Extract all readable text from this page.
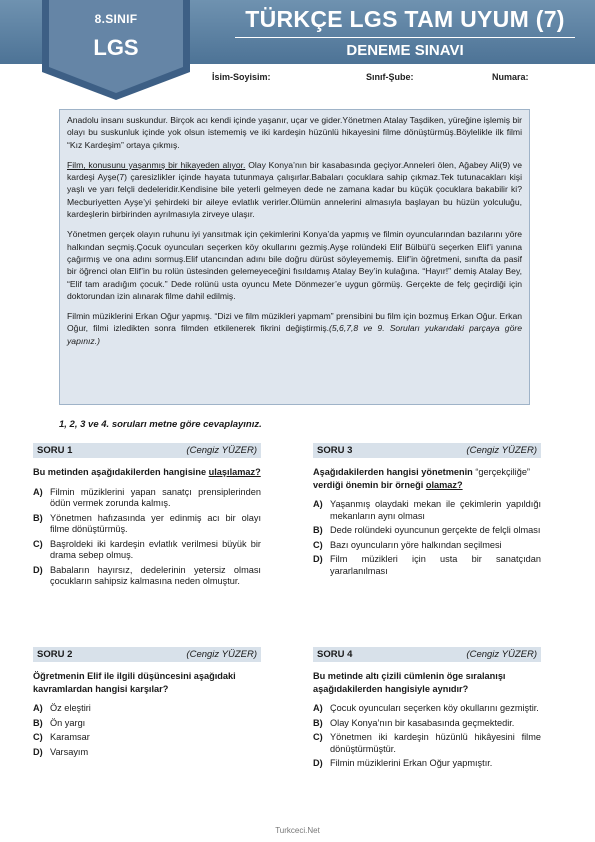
8.SINIF
LGS
TÜRKÇE LGS TAM UYUM (7)
DENEME SINAVI
İsim-Soyisim:	Sınıf-Şube:	Numara:

Anadolu insanı suskundur. Birçok acı kendi içinde yaşanır, uçar ve gider.Yönetmen Atalay Taşdiken, yüreğine işlemiş bir olayı bu suskunluk içinde yok olsun istememiş ve iki kardeşin hüzünlü hikayesini filme dönüştürmüş.Böylelikle ilk filmi “Kız Kardeşim” ortaya çıkmış.

Film, konusunu yaşanmış bir hikayeden alıyor. Olay Konya’nın bir kasabasında geçiyor.Anneleri ölen, Ağabey Ali(9) ve kardeşi Ayşe(7) çaresizlikler içinde hayata tutunmaya çalışırlar.Babaları çocuklara sahip çıkmaz.Tek tutunacakları kişi yaşlı ve yarı felçli dedeleridir.Kendisine bile yeterli gelmeyen dede ne zamana kadar bu küçük çocuklara bakabilir ki?Mecburiyetten Ayşe’yi şehirdeki bir aileye evlatlık verirler.Ölümün annelerini almasıyla başlayan bu hüzün yolculuğu, kardeşlerin birbirinden ayrılmasıyla zirveye ulaşır.

Yönetmen gerçek olayın ruhunu iyi yansıtmak için çekimlerini Konya’da yapmış ve filmin oyuncularından bazılarını yöre halkından seçmiş.Çocuk oyuncuları seçerken köy okullarını gezmiş.Ayşe rolündeki Elif Bülbül’ü seçerken Elif’i yanına çağırmış ve ona adını sormuş.Elif utancından adını bile doğru dürüst söyleyememiş. Elif’in öğretmeni, sınıfta da pasif bir öğrenci olan Elif’in bu rolün üstesinden gelemeyeceğini fısıldamış Atalay Bey’in kulağına. “Hayır!” demiş Atalay Bey, “Elif tam aradığım çocuk.” Dede rolünü usta oyuncu Mete Dönmezer’e uygun görmüş. Gerçekte de felç geçirdiği için doktorundan izin alınarak filme dahil edilmiş.

Filmin müziklerini Erkan Oğur yapmış. “Dizi ve film müzikleri yapmam” prensibini bu film için bozmuş Erkan Oğur. Erkan Oğur, filmi izledikten sonra filmden etkilenerek fikrini değiştirmiş.(5,6,7,8 ve 9. Soruları yukarıdaki parçaya göre yapınız.)

1, 2, 3 ve 4. soruları metne göre cevaplayınız.
SORU 1	(Cengiz YÜZER)
Bu metinden aşağıdakilerden hangisine ulaşılamaz?
A) Filmin müziklerini yapan sanatçı prensiplerinden ödün vermek zorunda kalmış.
B) Yönetmen hafızasında yer edinmiş acı bir olayı filme dönüştürmüş.
C) Başroldeki iki kardeşin evlatlık verilmesi büyük bir drama sebep olmuş.
D) Babaların hayırsız, dedelerinin yetersiz olması çocukların sahipsiz kalmasına neden olmuştur.
SORU 2	(Cengiz YÜZER)
Öğretmenin Elif ile ilgili düşüncesini aşağıdaki kavramlardan hangisi karşılar?
A) Öz eleştiri
B) Ön yargı
C) Karamsar
D) Varsayım
SORU 3	(Cengiz YÜZER)
Aşağıdakilerden hangisi yönetmenin “gerçekçiliğe” verdiği önemin bir örneği olamaz?
A) Yaşanmış olaydaki mekan ile çekimlerin yapıldığı mekanların aynı olması
B) Dede rolündeki oyuncunun gerçekte de felçli olması
C) Bazı oyuncuların yöre halkından seçilmesi
D) Film müzikleri için usta bir sanatçıdan yararlanılması
SORU 4	(Cengiz YÜZER)
Bu metinde altı çizili cümlenin öge sıralanışı aşağıdakilerden hangisiyle aynıdır?
A) Çocuk oyuncuları seçerken köy okullarını gezmiştir.
B) Olay Konya’nın bir kasabasında geçmektedir.
C) Yönetmen iki kardeşin hüzünlü hikâyesini filme dönüştürmüştür.
D) Filmin müziklerini Erkan Oğur yapmıştır.
Turkceci.Net
